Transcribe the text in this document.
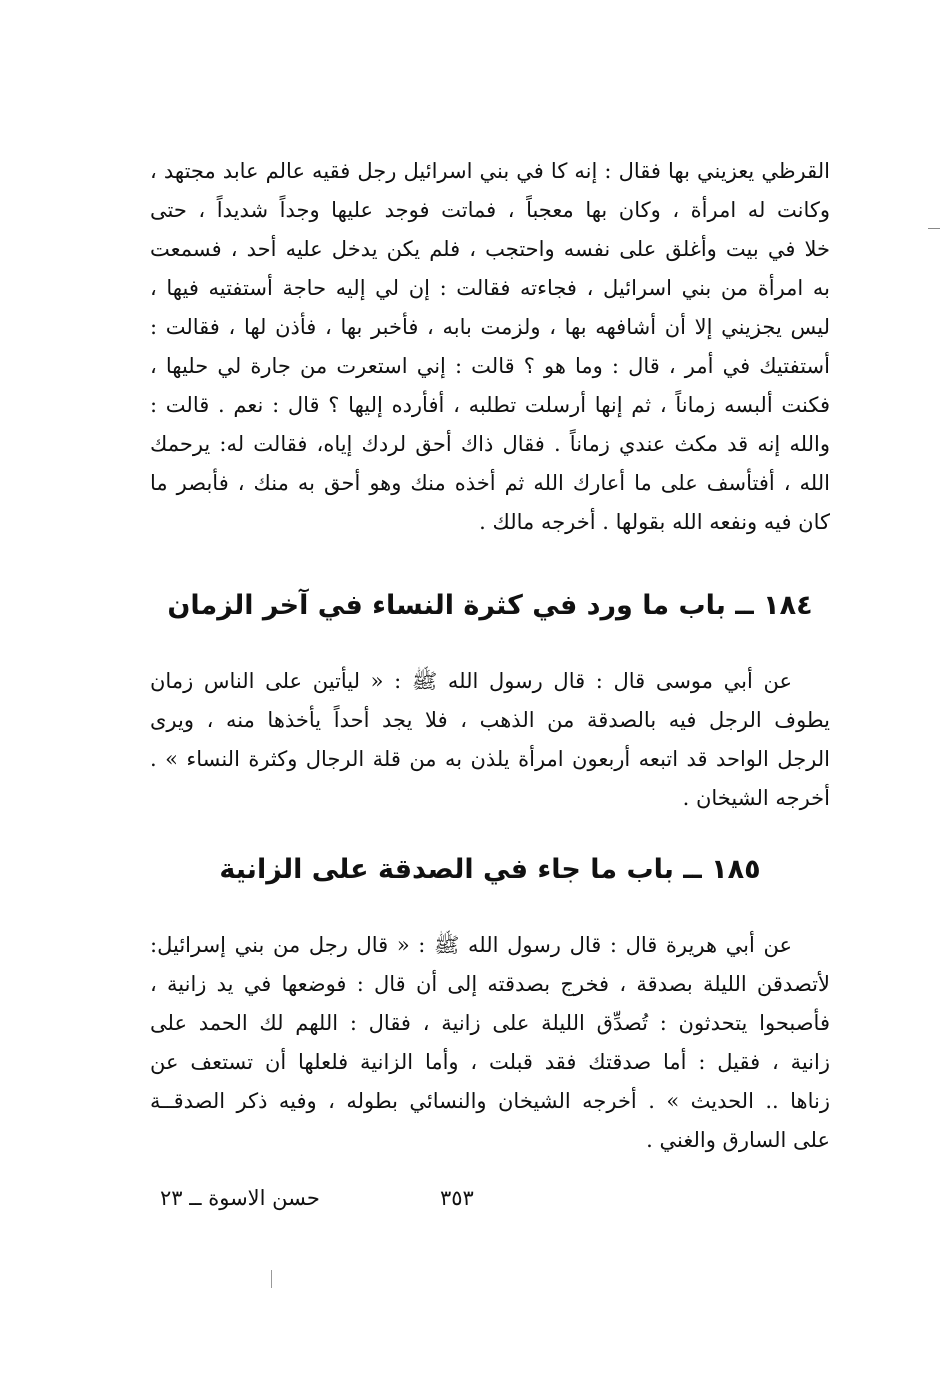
القرظي يعزيني بها فقال : إنه كا في بني اسرائيل رجل فقيه عالم عابد مجتهد ،
وكانت له امرأة ، وكان بها معجباً ، فماتت فوجد عليها وجداً شديداً ، حتى
خلا في بيت وأغلق على نفسه واحتجب ، فلم يكن يدخل عليه أحد ، فسمعت
به امرأة من بني اسرائيل ، فجاءته فقالت : إن لي إليه حاجة أستفتيه فيها ،
ليس يجزيني إلا أن أشافهه بها ، ولزمت بابه ، فأخبر بها ، فأذن لها ، فقالت :
أستفتيك في أمر ، قال : وما هو ؟ قالت : إني استعرت من جارة لي حليها ،
فكنت ألبسه زماناً ، ثم إنها أرسلت تطلبه ، أفأرده إليها ؟ قال : نعم . قالت :
والله إنه قد مكث عندي زماناً . فقال ذاك أحق لردك إياه، فقالت له: يرحمك
الله ، أفتأسف على ما أعارك الله ثم أخذه منك وهو أحق به منك ، فأبصر ما
كان فيه ونفعه الله بقولها . أخرجه مالك .
١٨٤ ــ باب ما ورد في كثرة النساء في آخر الزمان
عن أبي موسى قال : قال رسول الله ﷺ : « ليأتين على الناس زمان
يطوف الرجل فيه بالصدقة من الذهب ، فلا يجد أحداً يأخذها منه ، ويرى
الرجل الواحد قد اتبعه أربعون امرأة يلذن به من قلة الرجال وكثرة النساء » .
أخرجه الشيخان .
١٨٥ ــ باب ما جاء في الصدقة على الزانية
عن أبي هريرة قال : قال رسول الله ﷺ : « قال رجل من بني إسرائيل:
لأتصدقن الليلة بصدقة ، فخرج بصدقته إلى أن قال : فوضعها في يد زانية ،
فأصبحوا يتحدثون : تُصدِّق الليلة على زانية ، فقال : اللهم لك الحمد على
زانية ، فقيل : أما صدقتك فقد قبلت ، وأما الزانية فلعلها أن تستعف عن
زناها .. الحديث » . أخرجه الشيخان والنسائي بطوله ، وفيه ذكر الصدقــة
على السارق والغني .
٣٥٣
حسن الاسوة ــ ٢٣
